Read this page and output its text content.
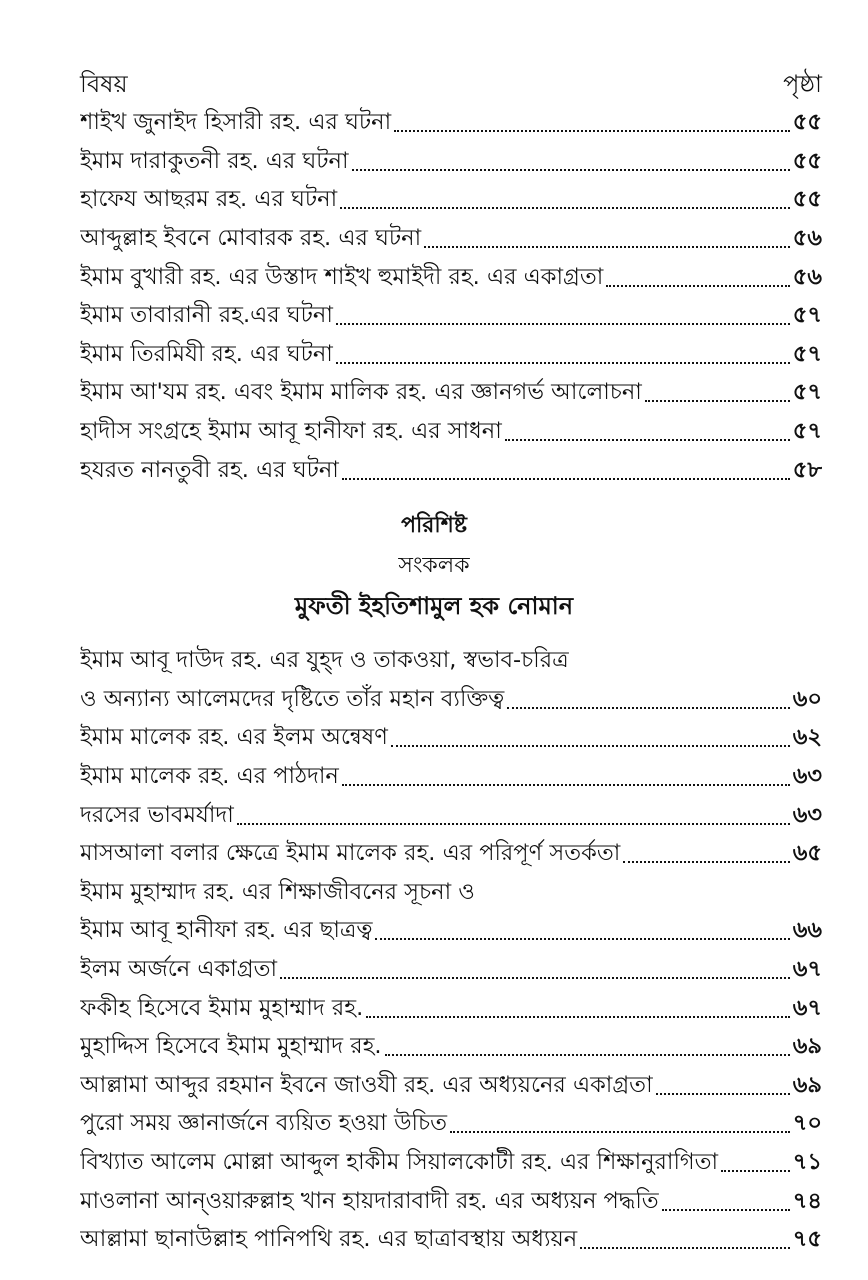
বিষয়	পৃষ্ঠা
শাইখ জুনাইদ হিসারী রহ. এর ঘটনা	৫৫
ইমাম দারাকুতনী রহ. এর ঘটনা	৫৫
হাফেয আছরম রহ. এর ঘটনা	৫৫
আব্দুল্লাহ ইবনে মোবারক রহ. এর ঘটনা	৫৬
ইমাম বুখারী রহ. এর উস্তাদ শাইখ হুমাইদী রহ. এর একাগ্রতা	৫৬
ইমাম তাবারানী রহ.এর ঘটনা	৫৭
ইমাম তিরমিযী রহ. এর ঘটনা	৫৭
ইমাম আ'যম রহ. এবং ইমাম মালিক রহ. এর জ্ঞানগর্ভ আলোচনা	৫৭
হাদীস সংগ্রহে ইমাম আবূ হানীফা রহ. এর সাধনা	৫৭
হযরত নানতুবী রহ. এর ঘটনা	৫৮
পরিশিষ্ট
সংকলক
মুফতী ইহতিশামুল হক নোমান
ইমাম আবূ দাউদ রহ. এর যুহ্দ ও তাকওয়া, স্বভাব-চরিত্র
ও অন্যান্য আলেমদের দৃষ্টিতে তাঁর মহান ব্যক্তিত্ব	৬০
ইমাম মালেক রহ. এর ইলম অন্বেষণ	৬২
ইমাম মালেক রহ. এর পাঠদান	৬৩
দরসের ভাবমর্যাদা	৬৩
মাসআলা বলার ক্ষেত্রে ইমাম মালেক রহ. এর পরিপূর্ণ সতর্কতা	৬৫
ইমাম মুহাম্মাদ রহ. এর শিক্ষাজীবনের সূচনা ও
ইমাম আবূ হানীফা রহ. এর ছাত্রত্ব	৬৬
ইলম অর্জনে একাগ্রতা	৬৭
ফকীহ হিসেবে ইমাম মুহাম্মাদ রহ.	৬৭
মুহাদ্দিস হিসেবে ইমাম মুহাম্মাদ রহ.	৬৯
আল্লামা আব্দুর রহমান ইবনে জাওযী রহ. এর অধ্যয়নের একাগ্রতা	৬৯
পুরো সময় জ্ঞানার্জনে ব্যয়িত হওয়া উচিত	৭০
বিখ্যাত আলেম মোল্লা আব্দুল হাকীম সিয়ালকোটী রহ. এর শিক্ষানুরাগিতা	৭১
মাওলানা আন্ওয়ারুল্লাহ খান হায়দারাবাদী রহ. এর অধ্যয়ন পদ্ধতি	৭৪
আল্লামা ছানাউল্লাহ পানিপথি রহ. এর ছাত্রাবস্থায় অধ্যয়ন	৭৫
